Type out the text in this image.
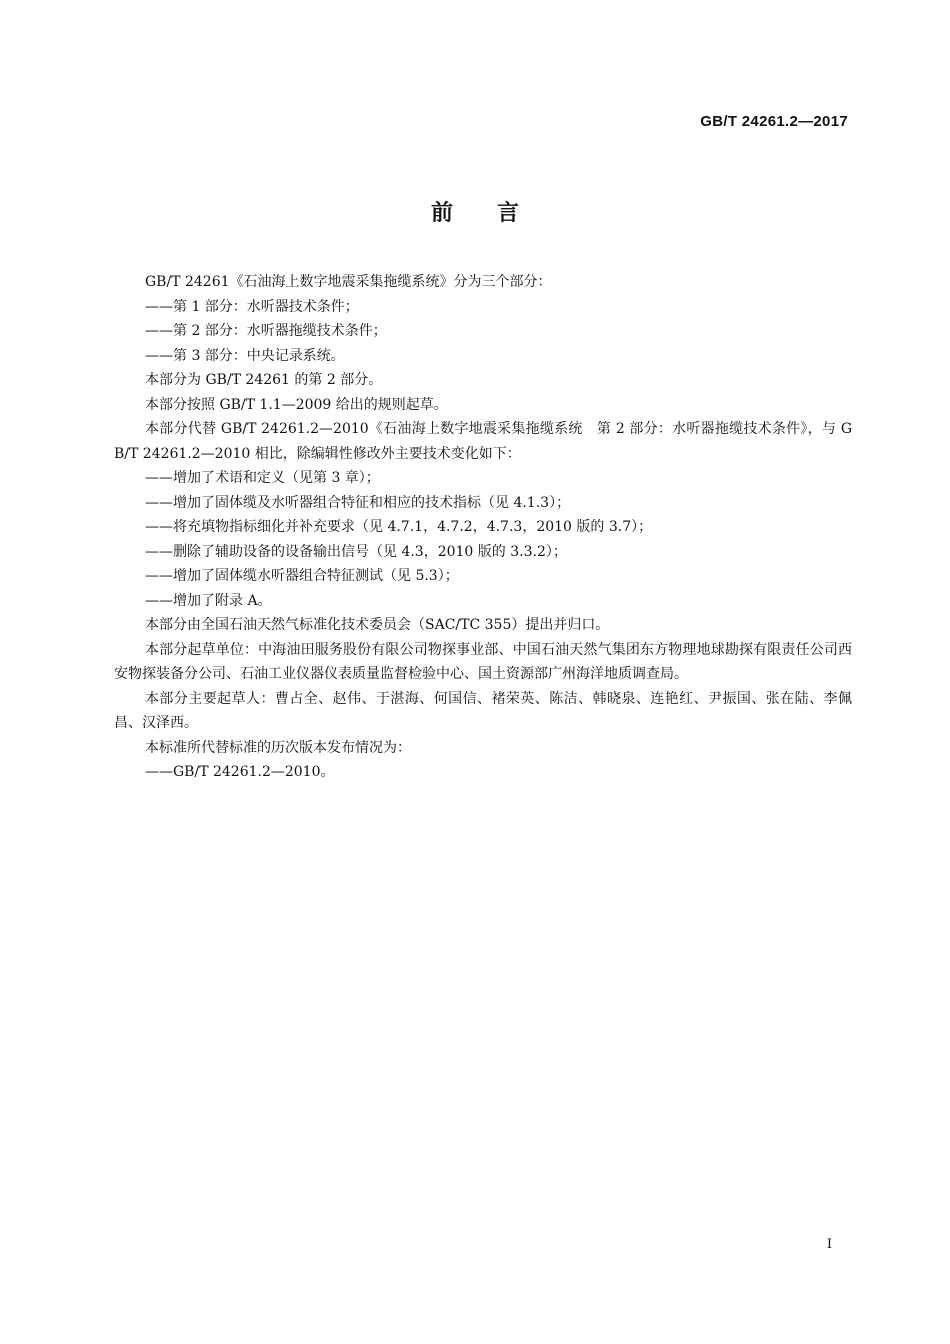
GB/T 24261.2—2017
前言

GB/T 24261《石油海上数字地震采集拖缆系统》分为三个部分：

——第 1 部分：水听器技术条件；

——第 2 部分：水听器拖缆技术条件；

——第 3 部分：中央记录系统。

本部分为 GB/T 24261 的第 2 部分。

本部分按照 GB/T 1.1—2009 给出的规则起草。

本部分代替 GB/T 24261.2—2010《石油海上数字地震采集拖缆系统　第 2 部分：水听器拖缆技术条件》，与 GB/T 24261.2—2010 相比，除编辑性修改外主要技术变化如下：

——增加了术语和定义（见第 3 章）；

——增加了固体缆及水听器组合特征和相应的技术指标（见 4.1.3）；

——将充填物指标细化并补充要求（见 4.7.1，4.7.2，4.7.3，2010 版的 3.7）；

——删除了辅助设备的设备输出信号（见 4.3，2010 版的 3.3.2）；

——增加了固体缆水听器组合特征测试（见 5.3）；

——增加了附录 A。

本部分由全国石油天然气标准化技术委员会（SAC/TC 355）提出并归口。

本部分起草单位：中海油田服务股份有限公司物探事业部、中国石油天然气集团东方物理地球勘探有限责任公司西安物探装备分公司、石油工业仪器仪表质量监督检验中心、国土资源部广州海洋地质调查局。

本部分主要起草人：曹占全、赵伟、于湛海、何国信、褚荣英、陈洁、韩晓泉、连艳红、尹振国、张在陆、李佩昌、汉泽西。

本标准所代替标准的历次版本发布情况为：

——GB/T 24261.2—2010。

I
